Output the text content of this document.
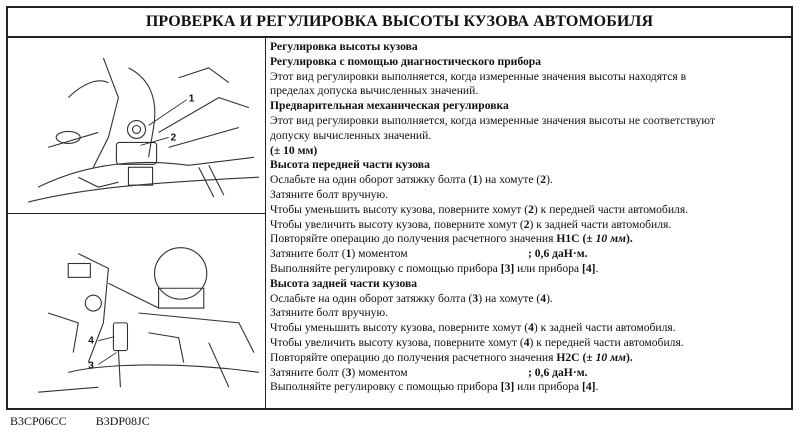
ПРОВЕРКА И РЕГУЛИРОВКА ВЫСОТЫ КУЗОВА АВТОМОБИЛЯ
1
2
4
3
Регулировка высоты кузова
Регулировка с помощью диагностического прибора
Этот вид регулировки выполняется, когда измеренные значения высоты находятся в
пределах допуска вычисленных значений.
Предварительная механическая регулировка
Этот вид регулировки выполняется, когда измеренные значения высоты не соответствуют
допуску вычисленных значений.
(± 10 мм)
Высота передней части кузова
Ослабьте на один оборот затяжку болта (1) на хомуте (2).
Затяните болт вручную.
Чтобы уменьшить высоту кузова, поверните хомут (2) к передней части автомобиля.
Чтобы увеличить высоту кузова, поверните хомут (2) к задней части автомобиля.
Повторяйте операцию до получения расчетного значения H1C (± 10 мм).
Затяните болт (1) моментом	; 0,6 даН·м.
Выполняйте регулировку с помощью прибора [3] или прибора [4].
Высота задней части кузова
Ослабьте на один оборот затяжку болта (3) на хомуте (4).
Затяните болт вручную.
Чтобы уменьшить высоту кузова, поверните хомут (4) к задней части автомобиля.
Чтобы увеличить высоту кузова, поверните хомут (4) к передней части автомобиля.
Повторяйте операцию до получения расчетного значения H2C (± 10 мм).
Затяните болт (3) моментом	; 0,6 даН·м.
Выполняйте регулировку с помощью прибора [3] или прибора [4].
B3CP06CC B3DP08JC
